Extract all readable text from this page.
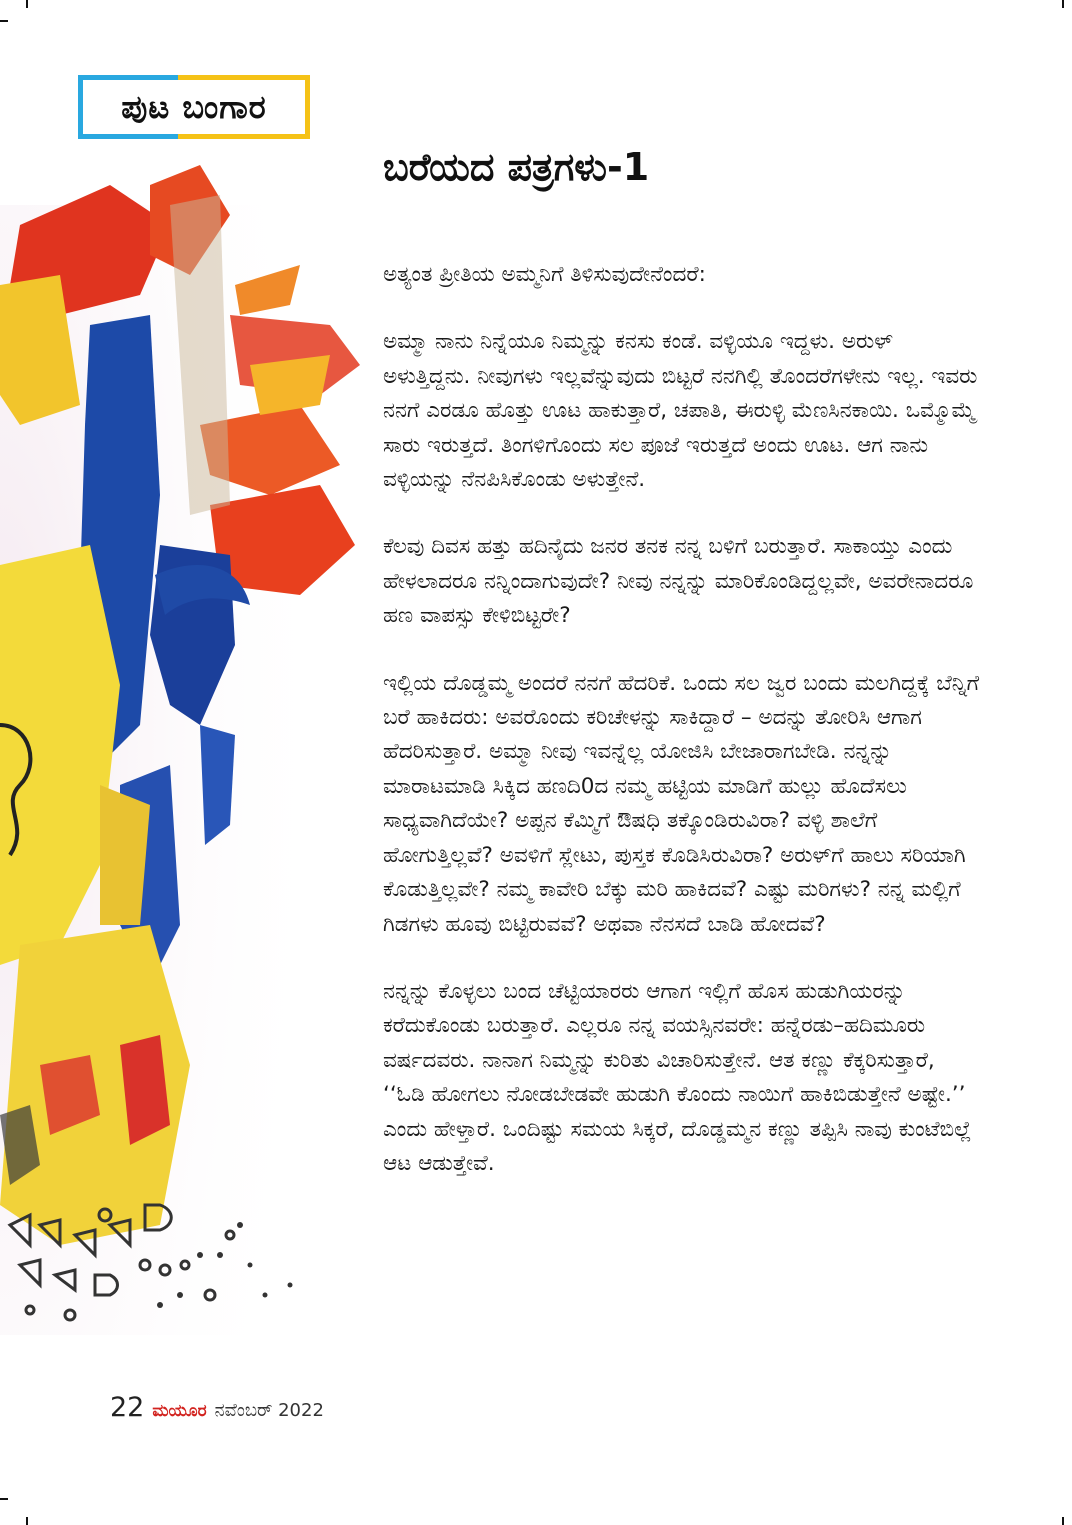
ಪುಟ ಬಂಗಾರ
ಬರೆಯದ ಪತ್ರಗಳು-1

ಅತ್ಯಂತ ಪ್ರೀತಿಯ ಅಮ್ಮನಿಗೆ ತಿಳಿಸುವುದೇನೆಂದರೆ:

ಅಮ್ಮಾ ನಾನು ನಿನ್ನೆಯೂ ನಿಮ್ಮನ್ನು ಕನಸು ಕಂಡೆ. ವಳ್ಳಿಯೂ ಇದ್ದಳು. ಅರುಳ್ ಅಳುತ್ತಿದ್ದನು. ನೀವುಗಳು ಇಲ್ಲವೆನ್ನುವುದು ಬಿಟ್ಟರೆ ನನಗಿಲ್ಲಿ ತೊಂದರೆಗಳೇನು ಇಲ್ಲ. ಇವರು ನನಗೆ ಎರಡೂ ಹೊತ್ತು ಊಟ ಹಾಕುತ್ತಾರೆ, ಚಪಾತಿ, ಈರುಳ್ಳಿ ಮೆಣಸಿನಕಾಯಿ. ಒಮ್ಮೊಮ್ಮೆ ಸಾರು ಇರುತ್ತದೆ. ತಿಂಗಳಿಗೊಂದು ಸಲ ಪೂಜೆ ಇರುತ್ತದೆ ಅಂದು ಊಟ. ಆಗ ನಾನು ವಳ್ಳಿಯನ್ನು ನೆನಪಿಸಿಕೊಂಡು ಅಳುತ್ತೇನೆ.

ಕೆಲವು ದಿವಸ ಹತ್ತು ಹದಿನೈದು ಜನರ ತನಕ ನನ್ನ ಬಳಿಗೆ ಬರುತ್ತಾರೆ. ಸಾಕಾಯ್ತು ಎಂದು ಹೇಳಲಾದರೂ ನನ್ನಿಂದಾಗುವುದೇ? ನೀವು ನನ್ನನ್ನು ಮಾರಿಕೊಂಡಿದ್ದಲ್ಲವೇ, ಅವರೇನಾದರೂ ಹಣ ವಾಪಸ್ಸು ಕೇಳಿಬಿಟ್ಟರೇ?

ಇಲ್ಲಿಯ ದೊಡ್ಡಮ್ಮ ಅಂದರೆ ನನಗೆ ಹೆದರಿಕೆ. ಒಂದು ಸಲ ಜ್ವರ ಬಂದು ಮಲಗಿದ್ದಕ್ಕೆ ಬೆನ್ನಿಗೆ ಬರೆ ಹಾಕಿದರು: ಅವರೊಂದು ಕರಿಚೇಳನ್ನು ಸಾಕಿದ್ದಾರೆ – ಅದನ್ನು ತೋರಿಸಿ ಆಗಾಗ ಹೆದರಿಸುತ್ತಾರೆ. ಅಮ್ಮಾ ನೀವು ಇವನ್ನೆಲ್ಲ ಯೋಜಿಸಿ ಬೇಜಾರಾಗಬೇಡಿ. ನನ್ನನ್ನು ಮಾರಾಟಮಾಡಿ ಸಿಕ್ಕಿದ ಹಣದಿ0ದ ನಮ್ಮ ಹಟ್ಟಿಯ ಮಾಡಿಗೆ ಹುಲ್ಲು ಹೊದೆಸಲು ಸಾಧ್ಯವಾಗಿದೆಯೇ? ಅಪ್ಪನ ಕೆಮ್ಮಿಗೆ ಔಷಧಿ ತಕ್ಕೊಂಡಿರುವಿರಾ? ವಳ್ಳಿ ಶಾಲೆಗೆ ಹೋಗುತ್ತಿಲ್ಲವೆ? ಅವಳಿಗೆ ಸ್ಲೇಟು, ಪುಸ್ತಕ ಕೊಡಿಸಿರುವಿರಾ? ಅರುಳ್‌ಗೆ ಹಾಲು ಸರಿಯಾಗಿ ಕೊಡುತ್ತಿಲ್ಲವೇ? ನಮ್ಮ ಕಾವೇರಿ ಬೆಕ್ಕು ಮರಿ ಹಾಕಿದವೆ? ಎಷ್ಟು ಮರಿಗಳು? ನನ್ನ ಮಲ್ಲಿಗೆ ಗಿಡಗಳು ಹೂವು ಬಿಟ್ಟಿರುವವೆ? ಅಥವಾ ನೆನಸದೆ ಬಾಡಿ ಹೋದವೆ?

ನನ್ನನ್ನು ಕೊಳ್ಳಲು ಬಂದ ಚೆಟ್ಟಿಯಾರರು ಆಗಾಗ ಇಲ್ಲಿಗೆ ಹೊಸ ಹುಡುಗಿಯರನ್ನು ಕರೆದುಕೊಂಡು ಬರುತ್ತಾರೆ. ಎಲ್ಲರೂ ನನ್ನ ವಯಸ್ಸಿನವರೇ: ಹನ್ನೆರಡು–ಹದಿಮೂರು ವರ್ಷದವರು. ನಾನಾಗ ನಿಮ್ಮನ್ನು ಕುರಿತು ವಿಚಾರಿಸುತ್ತೇನೆ. ಆತ ಕಣ್ಣು ಕೆಕ್ಕರಿಸುತ್ತಾರೆ, ‘‘ಓಡಿ ಹೋಗಲು ನೋಡಬೇಡವೇ ಹುಡುಗಿ ಕೊಂದು ನಾಯಿಗೆ ಹಾಕಿಬಿಡುತ್ತೇನೆ ಅಷ್ಟೇ.’’ ಎಂದು ಹೇಳ್ತಾರೆ. ಒಂದಿಷ್ಟು ಸಮಯ ಸಿಕ್ಕರೆ, ದೊಡ್ಡಮ್ಮನ ಕಣ್ಣು ತಪ್ಪಿಸಿ ನಾವು ಕುಂಟೆಬಿಲ್ಲೆ ಆಟ ಆಡುತ್ತೇವೆ.

22 ಮಯೂರ ನವೆಂಬರ್ 2022
